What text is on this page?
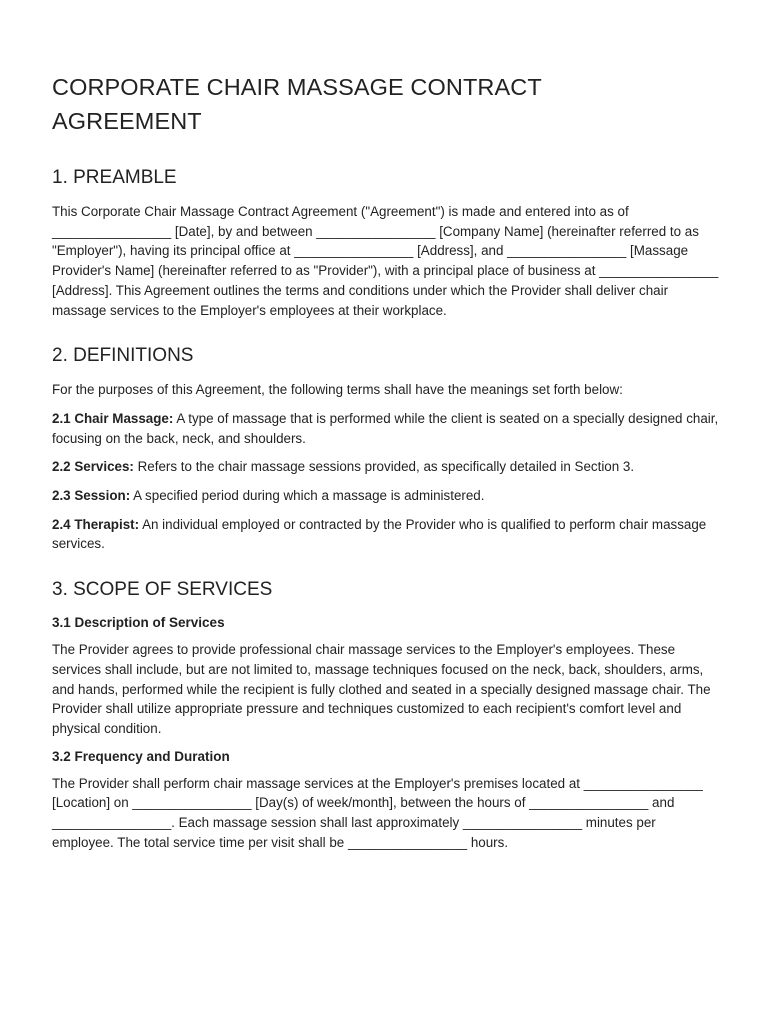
CORPORATE CHAIR MASSAGE CONTRACT AGREEMENT
1. PREAMBLE

This Corporate Chair Massage Contract Agreement ("Agreement") is made and entered into as of ________________ [Date], by and between ________________ [Company Name] (hereinafter referred to as "Employer"), having its principal office at ________________ [Address], and ________________ [Massage Provider's Name] (hereinafter referred to as "Provider"), with a principal place of business at ________________ [Address]. This Agreement outlines the terms and conditions under which the Provider shall deliver chair massage services to the Employer's employees at their workplace.

2. DEFINITIONS

For the purposes of this Agreement, the following terms shall have the meanings set forth below:

2.1 Chair Massage: A type of massage that is performed while the client is seated on a specially designed chair, focusing on the back, neck, and shoulders.

2.2 Services: Refers to the chair massage sessions provided, as specifically detailed in Section 3.

2.3 Session: A specified period during which a massage is administered.

2.4 Therapist: An individual employed or contracted by the Provider who is qualified to perform chair massage services.

3. SCOPE OF SERVICES
3.1 Description of Services

The Provider agrees to provide professional chair massage services to the Employer's employees. These services shall include, but are not limited to, massage techniques focused on the neck, back, shoulders, arms, and hands, performed while the recipient is fully clothed and seated in a specially designed massage chair. The Provider shall utilize appropriate pressure and techniques customized to each recipient's comfort level and physical condition.

3.2 Frequency and Duration

The Provider shall perform chair massage services at the Employer's premises located at ________________ [Location] on ________________ [Day(s) of week/month], between the hours of ________________ and ________________. Each massage session shall last approximately ________________ minutes per employee. The total service time per visit shall be ________________ hours.
